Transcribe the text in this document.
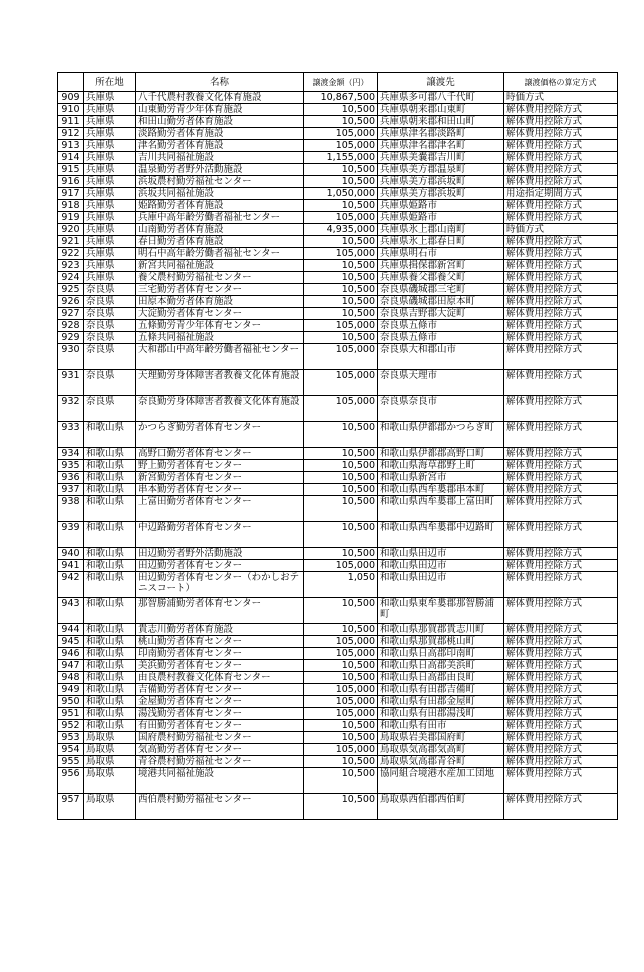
	所在地	名称	譲渡金額（円）	譲渡先	譲渡価格の算定方式
909	兵庫県	八千代農村教養文化体育施設	10,867,500	兵庫県多可郡八千代町	時価方式
910	兵庫県	山東勤労青少年体育施設	10,500	兵庫県朝来郡山東町	解体費用控除方式
911	兵庫県	和田山勤労者体育施設	10,500	兵庫県朝来郡和田山町	解体費用控除方式
912	兵庫県	淡路勤労者体育施設	105,000	兵庫県津名郡淡路町	解体費用控除方式
913	兵庫県	津名勤労者体育施設	105,000	兵庫県津名郡津名町	解体費用控除方式
914	兵庫県	吉川共同福祉施設	1,155,000	兵庫県美嚢郡吉川町	解体費用控除方式
915	兵庫県	温泉勤労者野外活動施設	10,500	兵庫県美方郡温泉町	解体費用控除方式
916	兵庫県	浜坂農村勤労福祉センター	10,500	兵庫県美方郡浜坂町	解体費用控除方式
917	兵庫県	浜坂共同福祉施設	1,050,000	兵庫県美方郡浜坂町	用途指定期間方式
918	兵庫県	姫路勤労者体育施設	10,500	兵庫県姫路市	解体費用控除方式
919	兵庫県	兵庫中高年齢労働者福祉センター	105,000	兵庫県姫路市	解体費用控除方式
920	兵庫県	山南勤労者体育施設	4,935,000	兵庫県氷上郡山南町	時価方式
921	兵庫県	春日勤労者体育施設	10,500	兵庫県氷上郡春日町	解体費用控除方式
922	兵庫県	明石中高年齢労働者福祉センター	105,000	兵庫県明石市	解体費用控除方式
923	兵庫県	新宮共同福祉施設	10,500	兵庫県揖保郡新宮町	解体費用控除方式
924	兵庫県	養父農村勤労福祉センター	10,500	兵庫県養父郡養父町	解体費用控除方式
925	奈良県	三宅勤労者体育センター	10,500	奈良県磯城郡三宅町	解体費用控除方式
926	奈良県	田原本勤労者体育施設	10,500	奈良県磯城郡田原本町	解体費用控除方式
927	奈良県	大淀勤労者体育センター	10,500	奈良県吉野郡大淀町	解体費用控除方式
928	奈良県	五條勤労青少年体育センター	105,000	奈良県五條市	解体費用控除方式
929	奈良県	五條共同福祉施設	10,500	奈良県五條市	解体費用控除方式
930	奈良県	大和郡山中高年齢労働者福祉センター	105,000	奈良県大和郡山市	解体費用控除方式
931	奈良県	天理勤労身体障害者教養文化体育施設	105,000	奈良県天理市	解体費用控除方式
932	奈良県	奈良勤労身体障害者教養文化体育施設	105,000	奈良県奈良市	解体費用控除方式
933	和歌山県	かつらぎ勤労者体育センター	10,500	和歌山県伊都郡かつらぎ町	解体費用控除方式
934	和歌山県	高野口勤労者体育センター	10,500	和歌山県伊都郡高野口町	解体費用控除方式
935	和歌山県	野上勤労者体育センター	10,500	和歌山県海草郡野上町	解体費用控除方式
936	和歌山県	新宮勤労者体育センター	10,500	和歌山県新宮市	解体費用控除方式
937	和歌山県	串本勤労者体育センター	10,500	和歌山県西牟婁郡串本町	解体費用控除方式
938	和歌山県	上富田勤労者体育センター	10,500	和歌山県西牟婁郡上富田町	解体費用控除方式
939	和歌山県	中辺路勤労者体育センター	10,500	和歌山県西牟婁郡中辺路町	解体費用控除方式
940	和歌山県	田辺勤労者野外活動施設	10,500	和歌山県田辺市	解体費用控除方式
941	和歌山県	田辺勤労者体育センター	105,000	和歌山県田辺市	解体費用控除方式
942	和歌山県	田辺勤労者体育センター（わかしおテニスコート）	1,050	和歌山県田辺市	解体費用控除方式
943	和歌山県	那智勝浦勤労者体育センター	10,500	和歌山県東牟婁郡那智勝浦町	解体費用控除方式
944	和歌山県	貴志川勤労者体育施設	10,500	和歌山県那賀郡貴志川町	解体費用控除方式
945	和歌山県	桃山勤労者体育センター	105,000	和歌山県那賀郡桃山町	解体費用控除方式
946	和歌山県	印南勤労者体育センター	105,000	和歌山県日高郡印南町	解体費用控除方式
947	和歌山県	美浜勤労者体育センター	10,500	和歌山県日高郡美浜町	解体費用控除方式
948	和歌山県	由良農村教養文化体育センター	10,500	和歌山県日高郡由良町	解体費用控除方式
949	和歌山県	吉備勤労者体育センター	105,000	和歌山県有田郡吉備町	解体費用控除方式
950	和歌山県	金屋勤労者体育センター	105,000	和歌山県有田郡金屋町	解体費用控除方式
951	和歌山県	湯浅勤労者体育センター	105,000	和歌山県有田郡湯浅町	解体費用控除方式
952	和歌山県	有田勤労者体育センター	10,500	和歌山県有田市	解体費用控除方式
953	鳥取県	国府農村勤労福祉センター	10,500	鳥取県岩美郡国府町	解体費用控除方式
954	鳥取県	気高勤労者体育センター	105,000	鳥取県気高郡気高町	解体費用控除方式
955	鳥取県	青谷農村勤労福祉センター	10,500	鳥取県気高郡青谷町	解体費用控除方式
956	鳥取県	境港共同福祉施設	10,500	協同組合境港水産加工団地	解体費用控除方式
957	鳥取県	西伯農村勤労福祉センター	10,500	鳥取県西伯郡西伯町	解体費用控除方式
